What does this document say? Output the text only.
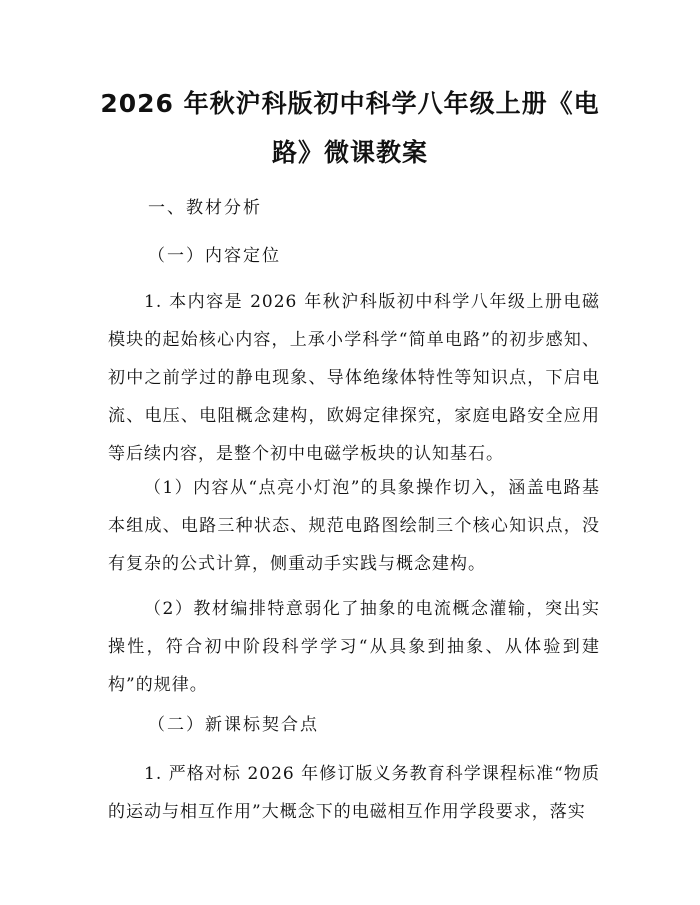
2026 年秋沪科版初中科学八年级上册《电
路》微课教案
一、教材分析
（一）内容定位

1. 本内容是 2026 年秋沪科版初中科学八年级上册电磁模块的起始核心内容，上承小学科学“简单电路”的初步感知、初中之前学过的静电现象、导体绝缘体特性等知识点，下启电流、电压、电阻概念建构，欧姆定律探究，家庭电路安全应用等后续内容，是整个初中电磁学板块的认知基石。

（1）内容从“点亮小灯泡”的具象操作切入，涵盖电路基本组成、电路三种状态、规范电路图绘制三个核心知识点，没有复杂的公式计算，侧重动手实践与概念建构。

（2）教材编排特意弱化了抽象的电流概念灌输，突出实操性，符合初中阶段科学学习“从具象到抽象、从体验到建构”的规律。

（二）新课标契合点

1. 严格对标 2026 年修订版义务教育科学课程标准“物质的运动与相互作用”大概念下的电磁相互作用学段要求，落实
